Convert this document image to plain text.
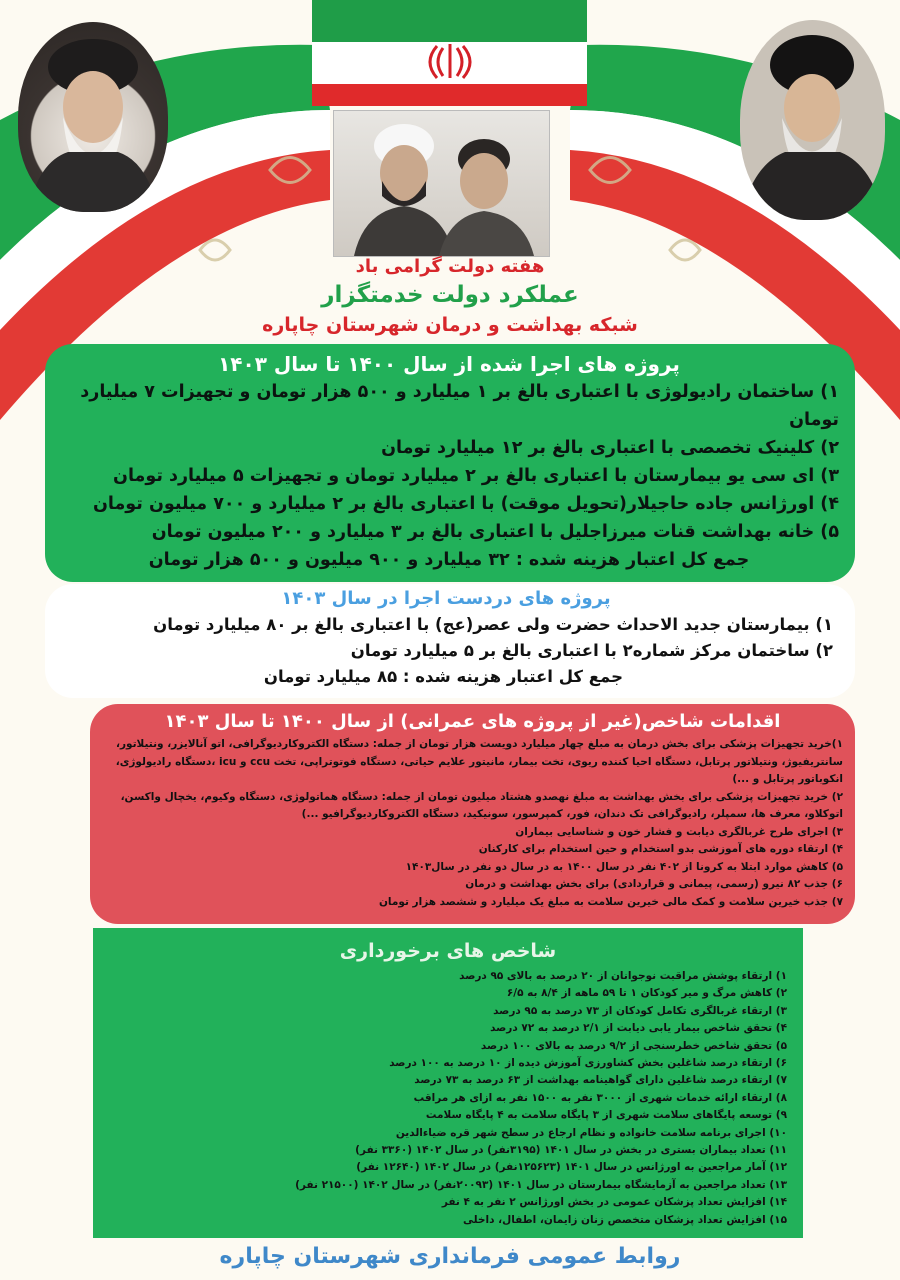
هفته دولت گرامی باد
عملکرد دولت خدمتگزار
شبکه بهداشت و درمان شهرستان چاپاره
پروژه های اجرا شده از سال ۱۴۰۰ تا سال ۱۴۰۳
۱) ساختمان رادیولوژی با اعتباری بالغ بر ۱ میلیارد و ۵۰۰ هزار تومان و تجهیزات ۷ میلیارد تومان
۲) کلینیک تخصصی با اعتباری بالغ بر ۱۲ میلیارد تومان
۳) ای سی یو بیمارستان با اعتباری بالغ بر ۲ میلیارد تومان و تجهیزات ۵ میلیارد تومان
۴) اورژانس جاده حاجیلار(تحویل موقت) با اعتباری بالغ بر ۲ میلیارد و ۷۰۰ میلیون تومان
۵) خانه بهداشت قنات میرزاجلیل با اعتباری بالغ بر ۳ میلیارد و ۲۰۰ میلیون تومان
جمع کل اعتبار هزینه شده : ۳۲ میلیارد و ۹۰۰ میلیون و ۵۰۰ هزار تومان
پروژه های دردست اجرا در سال ۱۴۰۳
۱) بیمارستان جدید الاحداث حضرت ولی عصر(عج) با اعتباری بالغ بر ۸۰ میلیارد تومان
۲) ساختمان مرکز شماره۲ با اعتباری بالغ بر ۵ میلیارد تومان
جمع کل اعتبار هزینه شده : ۸۵ میلیارد تومان
اقدامات شاخص(غیر از پروژه های عمرانی) از سال ۱۴۰۰ تا سال ۱۴۰۳
۱)خرید تجهیزات پزشکی برای بخش درمان به مبلغ چهار میلیارد دویست هزار تومان از جمله: دستگاه الکتروکاردیوگرافی، اتو آنالایزر، ونتیلاتور، سانتریفیوژ، ونتیلاتور پرتابل، دستگاه احیا کننده ریوی، تخت بیمار، مانیتور علایم حیاتی، دستگاه فوتوتراپی، تخت ccu و icu ،دستگاه رادیولوژی، انکوباتور پرتابل و ...)
۲) خرید تجهیزات پزشکی برای بخش بهداشت به مبلغ نهصدو هشتاد میلیون تومان از جمله: دستگاه هماتولوژی، دستگاه وکیوم، یخچال واکسن، اتوکلاو، معرف ها، سمپلر، رادیوگرافی تک دندان، فور، کمپرسور، سونیکید، دستگاه الکتروکاردیوگرافیو ...)
۳) اجرای طرح غربالگری دیابت و فشار خون و شناسایی بیماران
۴) ارتقاء دوره های آموزشی بدو استخدام و حین استخدام برای کارکنان
۵) کاهش موارد ابتلا به کرونا از ۴۰۲ نفر در سال ۱۴۰۰ به در سال دو نفر در سال۱۴۰۳
۶) جذب ۸۲ نیرو (رسمی، پیمانی و قراردادی) برای بخش بهداشت و درمان
۷) جذب خیرین سلامت و کمک مالی خیرین سلامت به مبلغ یک میلیارد و ششصد هزار تومان
شاخص های برخورداری
۱) ارتقاء پوشش مراقبت نوجوانان از ۲۰ درصد به بالای ۹۵ درصد
۲) کاهش مرگ و میر کودکان ۱ تا ۵۹ ماهه از ۸/۴ به ۶/۵
۳) ارتقاء غربالگری تکامل کودکان از ۷۳ درصد به ۹۵ درصد
۴) تحقق شاخص بیمار یابی دیابت از ۲/۱ درصد به ۷۲ درصد
۵) تحقق شاخص خطرسنجی از ۹/۲ درصد به بالای ۱۰۰ درصد
۶) ارتقاء درصد شاغلین بخش کشاورزی آموزش دیده از ۱۰ درصد به ۱۰۰ درصد
۷) ارتقاء درصد شاغلین دارای گواهینامه بهداشت از ۶۳ درصد به ۷۳ درصد
۸) ارتقاء ارائه خدمات شهری از ۳۰۰۰ نفر به ۱۵۰۰ نفر به ازای هر مراقب
۹) توسعه پایگاهای سلامت شهری از ۳ پایگاه سلامت به ۴ پایگاه سلامت
۱۰) اجرای برنامه سلامت خانواده و نظام ارجاع در سطح شهر قره ضیاءالدین
۱۱) تعداد بیماران بستری در بخش در سال ۱۴۰۱ (۳۱۹۵نفر) در سال ۱۴۰۲ (۳۳۶۰ نفر)
۱۲) آمار مراجعین به اورژانس در سال ۱۴۰۱ (۱۲۵۶۲۳نفر) در سال ۱۴۰۲ (۱۲۶۴۰ نفر)
۱۳) تعداد مراجعین به آزمایشگاه بیمارستان در سال ۱۴۰۱ (۲۰۰۹۳نفر) در سال ۱۴۰۲ (۲۱۵۰۰ نفر)
۱۴) افزایش تعداد پزشکان عمومی در بخش اورژانس ۲ نفر به ۴ نفر
۱۵) افزایش تعداد پزشکان متخصص زنان زایمان، اطفال، داخلی
روابط عمومی فرمانداری شهرستان چاپاره
